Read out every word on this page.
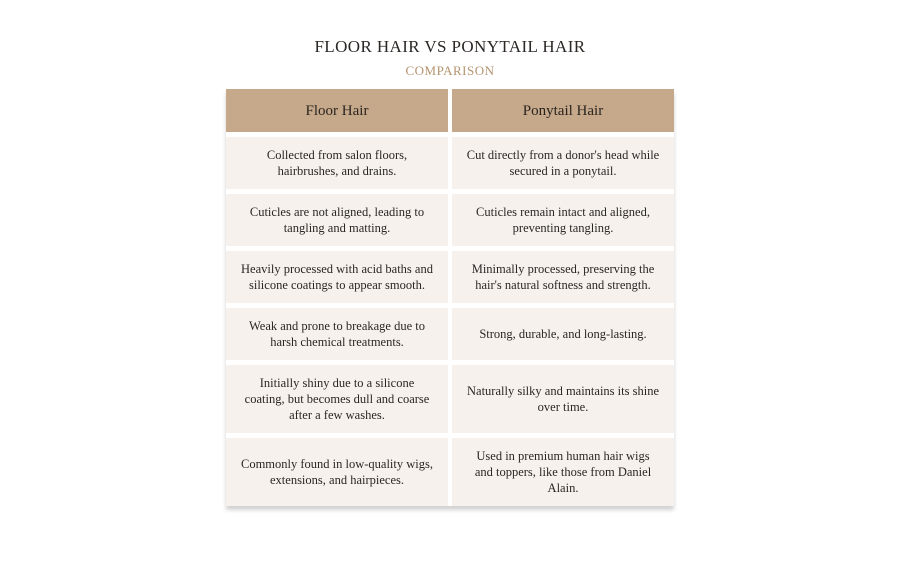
FLOOR HAIR VS PONYTAIL HAIR
COMPARISON
Floor Hair	Ponytail Hair
Collected from salon floors, hairbrushes, and drains.
Cut directly from a donor's head while secured in a ponytail.
Cuticles are not aligned, leading to tangling and matting.
Cuticles remain intact and aligned, preventing tangling.
Heavily processed with acid baths and silicone coatings to appear smooth.
Minimally processed, preserving the hair's natural softness and strength.
Weak and prone to breakage due to harsh chemical treatments.
Strong, durable, and long-lasting.
Initially shiny due to a silicone coating, but becomes dull and coarse after a few washes.
Naturally silky and maintains its shine over time.
Commonly found in low-quality wigs, extensions, and hairpieces.
Used in premium human hair wigs and toppers, like those from Daniel Alain.
